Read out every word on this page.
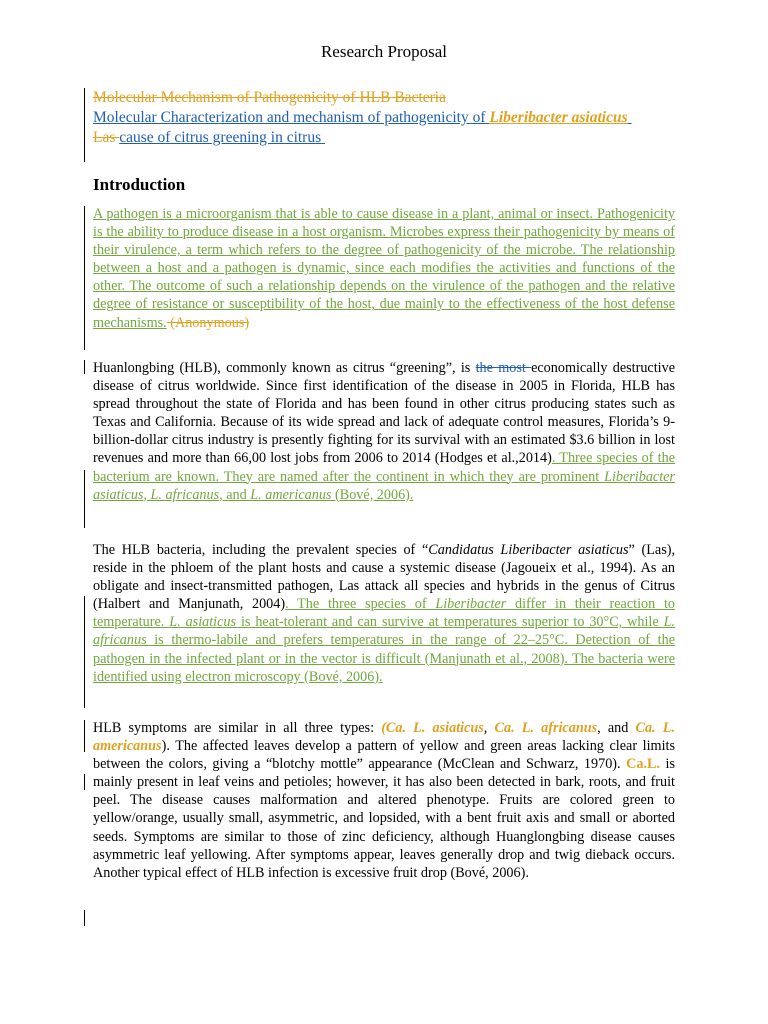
Research Proposal
Molecular Mechanism of Pathogenicity of HLB Bacteria
Molecular Characterization and mechanism of pathogenicity of Liberibacter asiaticus
Las cause of citrus greening in citrus
Introduction
A pathogen is a microorganism that is able to cause disease in a plant, animal or insect. Pathogenicity is the ability to produce disease in a host organism. Microbes express their pathogenicity by means of their virulence, a term which refers to the degree of pathogenicity of the microbe. The relationship between a host and a pathogen is dynamic, since each modifies the activities and functions of the other. The outcome of such a relationship depends on the virulence of the pathogen and the relative degree of resistance or susceptibility of the host, due mainly to the effectiveness of the host defense mechanisms. (Anonymous)
Huanlongbing (HLB), commonly known as citrus “greening”, is the most economically destructive disease of citrus worldwide. Since first identification of the disease in 2005 in Florida, HLB has spread throughout the state of Florida and has been found in other citrus producing states such as Texas and California. Because of its wide spread and lack of adequate control measures, Florida’s 9-billion-dollar citrus industry is presently fighting for its survival with an estimated $3.6 billion in lost revenues and more than 66,00 lost jobs from 2006 to 2014 (Hodges et al.,2014). Three species of the bacterium are known. They are named after the continent in which they are prominent Liberibacter asiaticus, L. africanus, and L. americanus (Bové, 2006).
The HLB bacteria, including the prevalent species of “Candidatus Liberibacter asiaticus” (Las), reside in the phloem of the plant hosts and cause a systemic disease (Jagoueix et al., 1994). As an obligate and insect-transmitted pathogen, Las attack all species and hybrids in the genus of Citrus (Halbert and Manjunath, 2004). The three species of Liberibacter differ in their reaction to temperature. L. asiaticus is heat-tolerant and can survive at temperatures superior to 30°C, while L. africanus is thermo-labile and prefers temperatures in the range of 22–25°C. Detection of the pathogen in the infected plant or in the vector is difficult (Manjunath et al., 2008). The bacteria were identified using electron microscopy (Bové, 2006).
HLB symptoms are similar in all three types: (Ca. L. asiaticus, Ca. L. africanus, and Ca. L. americanus). The affected leaves develop a pattern of yellow and green areas lacking clear limits between the colors, giving a “blotchy mottle” appearance (McClean and Schwarz, 1970). Ca.L. is mainly present in leaf veins and petioles; however, it has also been detected in bark, roots, and fruit peel. The disease causes malformation and altered phenotype. Fruits are colored green to yellow/orange, usually small, asymmetric, and lopsided, with a bent fruit axis and small or aborted seeds. Symptoms are similar to those of zinc deficiency, although Huanglongbing disease causes asymmetric leaf yellowing. After symptoms appear, leaves generally drop and twig dieback occurs. Another typical effect of HLB infection is excessive fruit drop (Bové, 2006).
